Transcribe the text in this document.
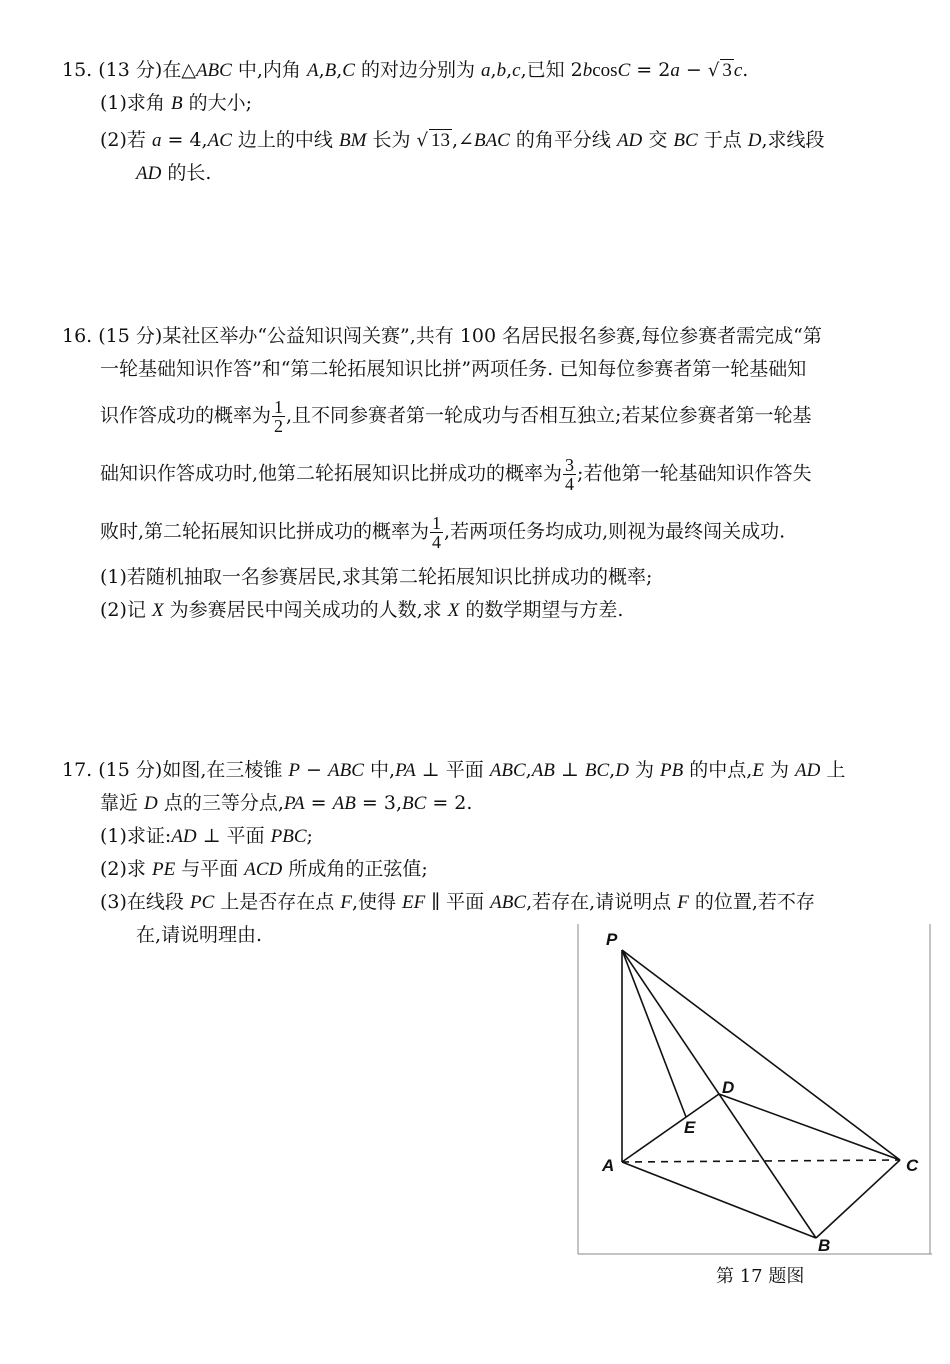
15. (13 分)在△ABC 中,内角 A,B,C 的对边分别为 a,b,c,已知 2bcosC = 2a − √ 3 c.
(1)求角 B 的大小;
(2)若 a = 4,AC 边上的中线 BM 长为 √ 13 ,∠BAC 的角平分线 AD 交 BC 于点 D,求线段
AD 的长.
16. (15 分)某社区举办“公益知识闯关赛”,共有 100 名居民报名参赛,每位参赛者需完成“第
一轮基础知识作答”和“第二轮拓展知识比拼”两项任务. 已知每位参赛者第一轮基础知
识作答成功的概率为 $\frac{1}{2}$ ,且不同参赛者第一轮成功与否相互独立;若某位参赛者第一轮基
础知识作答成功时,他第二轮拓展知识比拼成功的概率为 $\frac{3}{4}$ ;若他第一轮基础知识作答失
败时,第二轮拓展知识比拼成功的概率为 $\frac{1}{4}$ ,若两项任务均成功,则视为最终闯关成功.
(1)若随机抽取一名参赛居民,求其第二轮拓展知识比拼成功的概率;
(2)记 X 为参赛居民中闯关成功的人数,求 X 的数学期望与方差.
17. (15 分)如图,在三棱锥 P − ABC 中,PA ⊥ 平面 ABC,AB ⊥ BC,D 为 PB 的中点,E 为 AD 上
靠近 D 点的三等分点,PA = AB = 3,BC = 2.
(1)求证:AD ⊥ 平面 PBC;
(2)求 PE 与平面 ACD 所成角的正弦值;
(3)在线段 PC 上是否存在点 F,使得 EF ∥ 平面 ABC,若存在,请说明点 F 的位置,若不存
在,请说明理由.	P
D
E
A	C
B
第 17 题图
